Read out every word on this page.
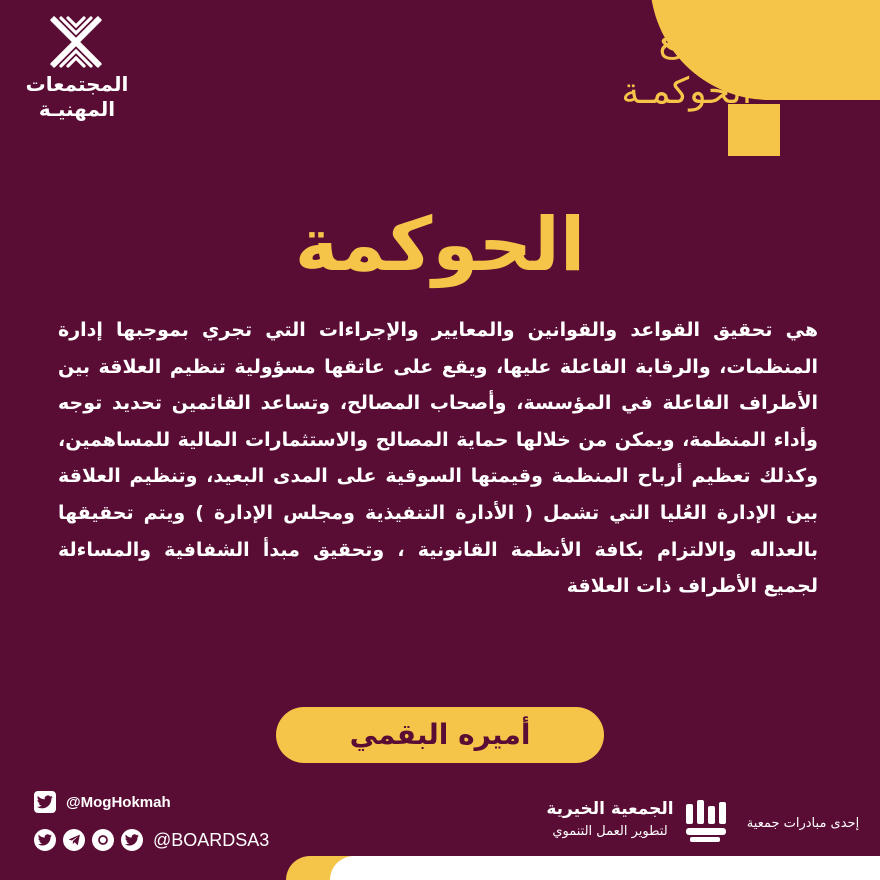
مجتمع
الحوكمـة
المجتمعات
المهنيـة
الحوكمة
هي تحقيق القواعد والقوانين والمعايير والإجراءات التي تجري بموجبها إدارة المنظمات، والرقابة الفاعلة عليها، ويقع على عاتقها مسؤولية تنظيم العلاقة بين الأطراف الفاعلة في المؤسسة، وأصحاب المصالح، وتساعد القائمين تحديد توجه وأداء المنظمة، ويمكن من خلالها حماية المصالح والاستثمارات المالية للمساهمين، وكذلك تعظيم أرباح المنظمة وقيمتها السوقية على المدى البعيد، وتنظيم العلاقة بين الإدارة العُليا التي تشمل ( الأدارة التنفيذية ومجلس الإدارة ) ويتم تحقيقها بالعداله والالتزام بكافة الأنظمة القانونية ، وتحقيق مبدأ الشفافية والمساءلة لجميع الأطراف ذات العلاقة
أميره البقمي
@MogHokmah
@BOARDSA3
الجمعية الخيرية
لتطوير العمل التنموي
إحدى مبادرات جمعية
